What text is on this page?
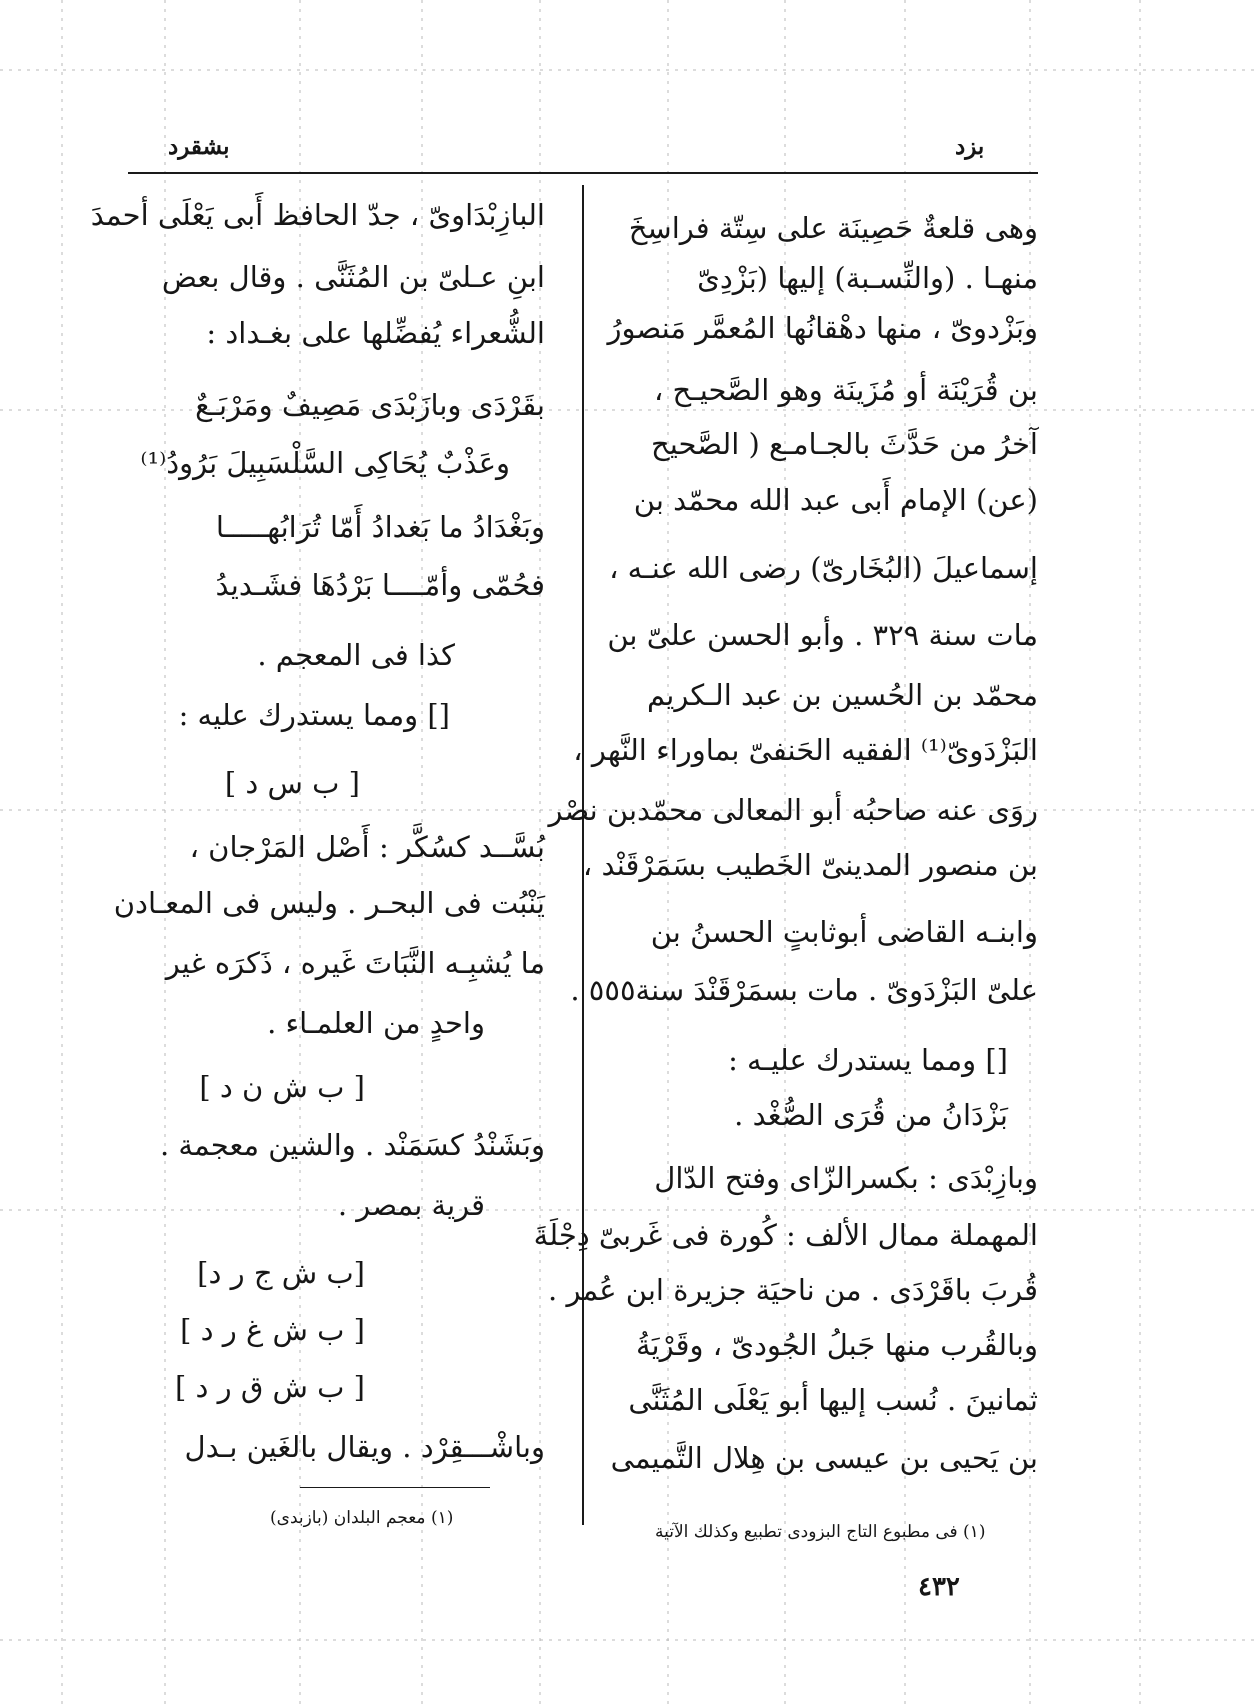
بزد
بشقرد
وهى قلعةٌ حَصِينَة على سِتّة فراسِخَ
منهـا . (والنِّسـبة) إليها (بَزْدِىّ
وبَزْدوىّ ، منها دهْقانُها المُعمَّر مَنصورُ
بن قُرَيْنَة أو مُزَينَة وهو الصَّحيـح ،
آخرُ من حَدَّثَ بالجـامـع ( الصَّحيح
(عن) الإمام أَبى عبد الله محمّد بن
إسماعيلَ (البُخَارىّ) رضى الله عنـه ،
مات سنة ٣٢٩ . وأبو الحسن علىّ بن
محمّد بن الحُسين بن عبد الـكريم
البَزْدَوىّ⁽¹⁾ الفقيه الحَنفىّ بماوراء النَّهر ،
روَى عنه صاحبُه أبو المعالى محمّدبن نصْر
بن منصور المدينىّ الخَطيب بسَمَرْقَنْد ،
وابنـه القاضى أبوثابتٍ الحسنُ بن
علىّ البَزْدَوىّ . مات بسمَرْقَنْدَ سنة٥٥٥ .
[] ومما يستدرك عليـه :
بَزْدَانُ من قُرَى الصُّغْد .
وبازِبْدَى : بكسرالزّاى وفتح الدّال
المهملة ممال الألف : كُورة فى غَربىّ دِجْلَةَ
قُربَ باقَرْدَى . من ناحيَة جزيرة ابن عُمر .
وبالقُرب منها جَبلُ الجُودىّ ، وقَرْيَةُ
ثمانينَ . نُسب إليها أبو يَعْلَى المُثَنَّى
بن يَحيى بن عيسى بن هِلال التَّميمى
البازِبْدَاوىّ ، جدّ الحافظ أَبى يَعْلَى أحمدَ
ابنِ عـلىّ بن المُثَنَّى . وقال بعض
الشُّعراء يُفضِّلها على بغـداد :
بقَرْدَى وبازَبْدَى مَصِيفٌ ومَرْبَـعٌ
وعَذْبٌ يُحَاكِى السَّلْسَبِيلَ بَرُودُ⁽¹⁾
وبَغْدَادُ ما بَغدادُ أَمّا تُرَابُهـــــا
فحُمّى وأمّــــا بَرْدُهَا فشَـديدُ
كذا فى المعجم .
[] ومما يستدرك عليه :
[ ب س د ]
بُسَّــد كسُكَّر : أَصْل المَرْجان ،
يَنْبُت فى البحـر . وليس فى المعـادن
ما يُشبِـه النَّبَاتَ غَيره ، ذَكرَه غير
واحدٍ من العلمـاء .
[ ب ش ن د ]
وبَشَنْدُ كسَمَنْد . والشين معجمة .
قرية بمصر .
[ب ش ج ر د]
[ ب ش غ ر د ]
[ ب ش ق ر د ]
وباشْـــقِرْد . ويقال بالغَين بـدل
(١) فى مطبوع التاج البزودى تطبيع وكذلك الآتية
(١) معجم البلدان (بازبدى)
٤٣٢
